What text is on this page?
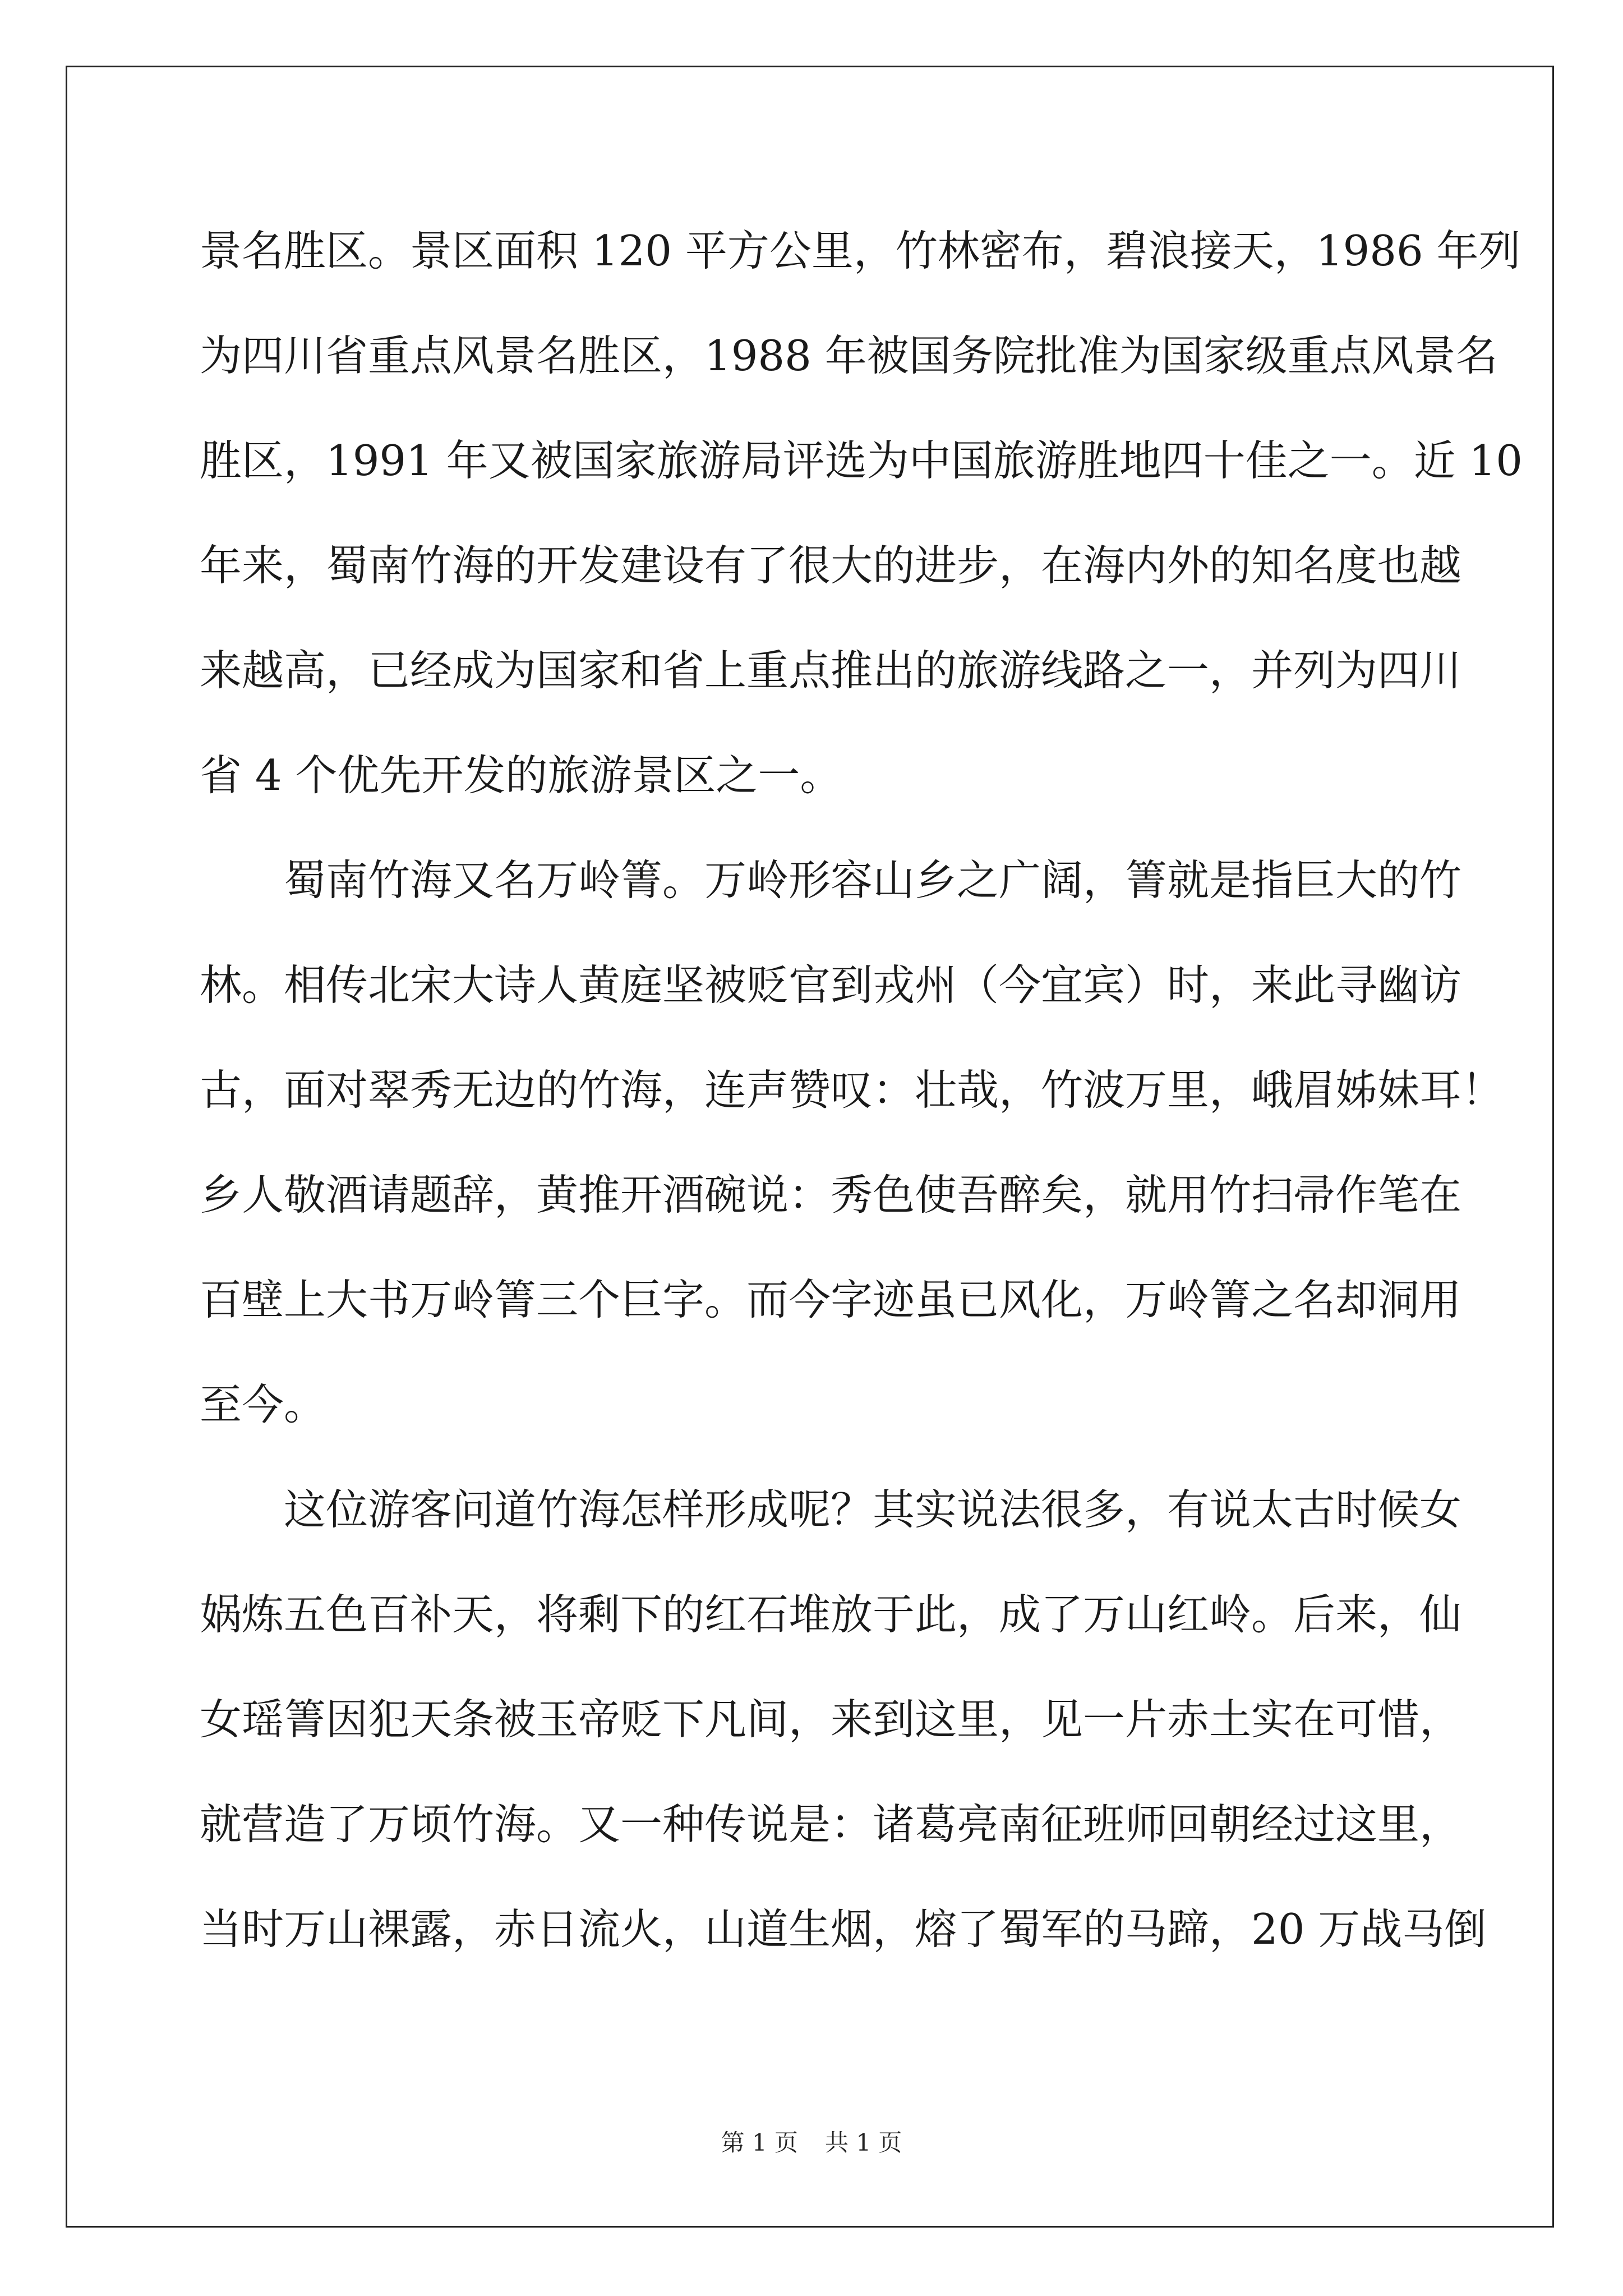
景名胜区。景区面积 120 平方公里，竹林密布，碧浪接天，1986 年列
为四川省重点风景名胜区，1988 年被国务院批准为国家级重点风景名
胜区，1991 年又被国家旅游局评选为中国旅游胜地四十佳之一。近 10
年来，蜀南竹海的开发建设有了很大的进步，在海内外的知名度也越
来越高，已经成为国家和省上重点推出的旅游线路之一，并列为四川
省 4 个优先开发的旅游景区之一。
蜀南竹海又名万岭箐。万岭形容山乡之广阔，箐就是指巨大的竹
林。相传北宋大诗人黄庭坚被贬官到戎州（今宜宾）时，来此寻幽访
古，面对翠秀无边的竹海，连声赞叹：壮哉，竹波万里，峨眉姊妹耳！
乡人敬酒请题辞，黄推开酒碗说：秀色使吾醉矣，就用竹扫帚作笔在
百壁上大书万岭箐三个巨字。而今字迹虽已风化，万岭箐之名却洞用
至今。
这位游客问道竹海怎样形成呢？其实说法很多，有说太古时候女
娲炼五色百补天，将剩下的红石堆放于此，成了万山红岭。后来，仙
女瑶箐因犯天条被玉帝贬下凡间，来到这里，见一片赤土实在可惜，
就营造了万顷竹海。又一种传说是：诸葛亮南征班师回朝经过这里，
当时万山裸露，赤日流火，山道生烟，熔了蜀军的马蹄，20 万战马倒
第 1 页 共 1 页
